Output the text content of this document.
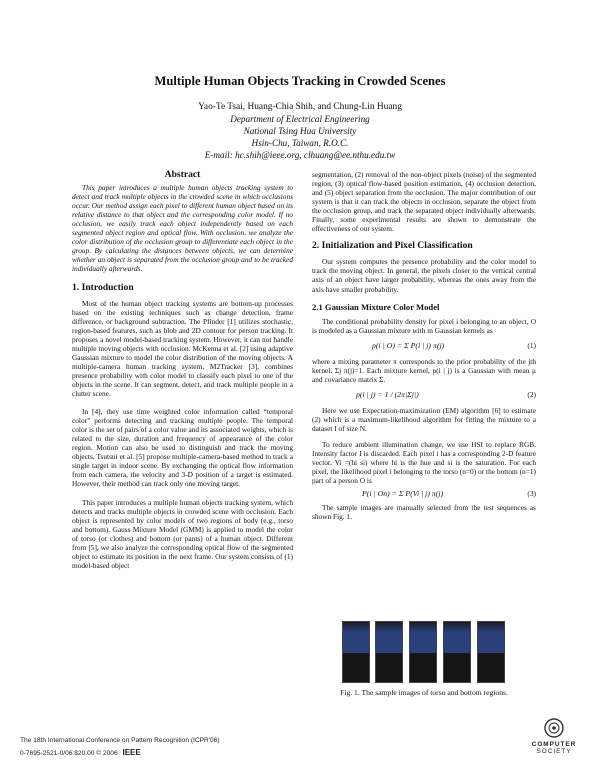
Multiple Human Objects Tracking in Crowded Scenes
Yao-Te Tsai, Huang-Chia Shih, and Chung-Lin Huang
Department of Electrical Engineering
National Tsing Hua University
Hsin-Chu, Taiwan, R.O.C.
E-mail: hc.shih@ieee.org, clhuang@ee.nthu.edu.tw
Abstract

This paper introduces a multiple human objects tracking system to detect and track multiple objects in the crowded scene in which occlusions occur. Our method assign each pixel to different human object based on its relative distance to that object and the corresponding color model. If no occlusion, we easily track each object independently based on each segmented object region and optical flow. With occlusion, we analyze the color distribution of the occlusion group to differentiate each object in the group. By calculating the distances between objects, we can determine whether an object is separated from the occlusion group and to be tracked individually afterwards.

1. Introduction

Most of the human object tracking systems are bottom-up processes based on the existing techniques such as change detection, frame difference, or background subtraction. The Pfinder [1] utilizes stochastic, region-based features, such as blob and 2D contour for person tracking. It proposes a novel model-based tracking system. However, it can not handle multiple moving objects with occlusion. McKenna et al. [2] using adaptive Gaussian mixture to model the color distribution of the moving objects. A multiple-camera human tracking system, M2Tracker [3], combines presence probability with color model to classify each pixel to one of the objects in the scene. It can segment, detect, and track multiple people in a clutter scene.

In [4], they use time weighted color information called “temporal color” performs detecting and tracking multiple people. The temporal color is the set of pairs of a color value and its associated weights, which is related to the size, duration and frequency of appearance of the color region. Motion can also be used to distinguish and track the moving objects. Tsutsui et al. [5] propose multiple-camera-based method to track a single target in indoor scene. By exchanging the optical flow information from each camera, the velocity and 3-D position of a target is estimated. However, their method can track only one moving target.

This paper introduces a multiple human objects tracking system, which detects and tracks multiple objects in crowded scene with occlusion. Each object is represented by color models of two regions of body (e.g., torso and bottom). Gauss Mixture Model (GMM) is applied to model the color of torso (or clothes) and bottom (or pants) of a human object. Different from [5], we also analyze the corresponding optical flow of the segmented object to estimate its position in the next frame. Our system consists of (1) model-based object

segmentation, (2) removal of the non-object pixels (noise) of the segmented region, (3) optical flow-based position estimation, (4) occlusion detection, and (5) object separation from the occlusion. The major contribution of our system is that it can track the objects in occlusion, separate the object from the occlusion group, and track the separated object individually afterwards. Finally, some experimental results are shown to demonstrate the effectiveness of our system.

2. Initialization and Pixel Classification

Our system computes the presence probability and the color model to track the moving object. In general, the pixels closer to the vertical central axis of an object have larger probability, whereas the ones away from the axis have smaller probability.

2.1 Gaussian Mixture Color Model

The conditional probability density for pixel i belonging to an object, O is modeled as a Gaussian mixture with m Gaussian kernels as

p(i | O) = Σ P(i | j) π(j)	(1)

where a mixing parameter π corresponds to the prior probability of the jth kernel, Σj π(j)=1. Each mixture kernel, p(i | j) is a Gaussian with mean μ and covariance matrix Σ.

p(i | j) = 1 / (2π|Σj|)	(2)

Here we use Expectation-maximization (EM) algorithm [6] to estimate (2) which is a maximum-likelihood algorithm for fitting the mixture to a dataset I of size N.

To reduce ambient illumination change, we use HSI to replace RGB. Intensity factor I is discarded. Each pixel i has a corresponding 2-D feature vector, Vi =(hi si) where hi is the hue and si is the saturation. For each pixel, the likelihood pixel i belonging to the torso (n=0) or the bottom (n=1) part of a person O is

P(i | On) = Σ P(Vi | j) π(j)	(3)

The sample images are manually selected from the test sequences as shown Fig. 1.

Fig. 1. The sample images of torso and bottom regions.
The 18th International Conference on Pattern Recognition (ICPR'06)
0-7695-2521-0/06 $20.00 © 2006 IEEE
COMPUTER
SOCIETY
